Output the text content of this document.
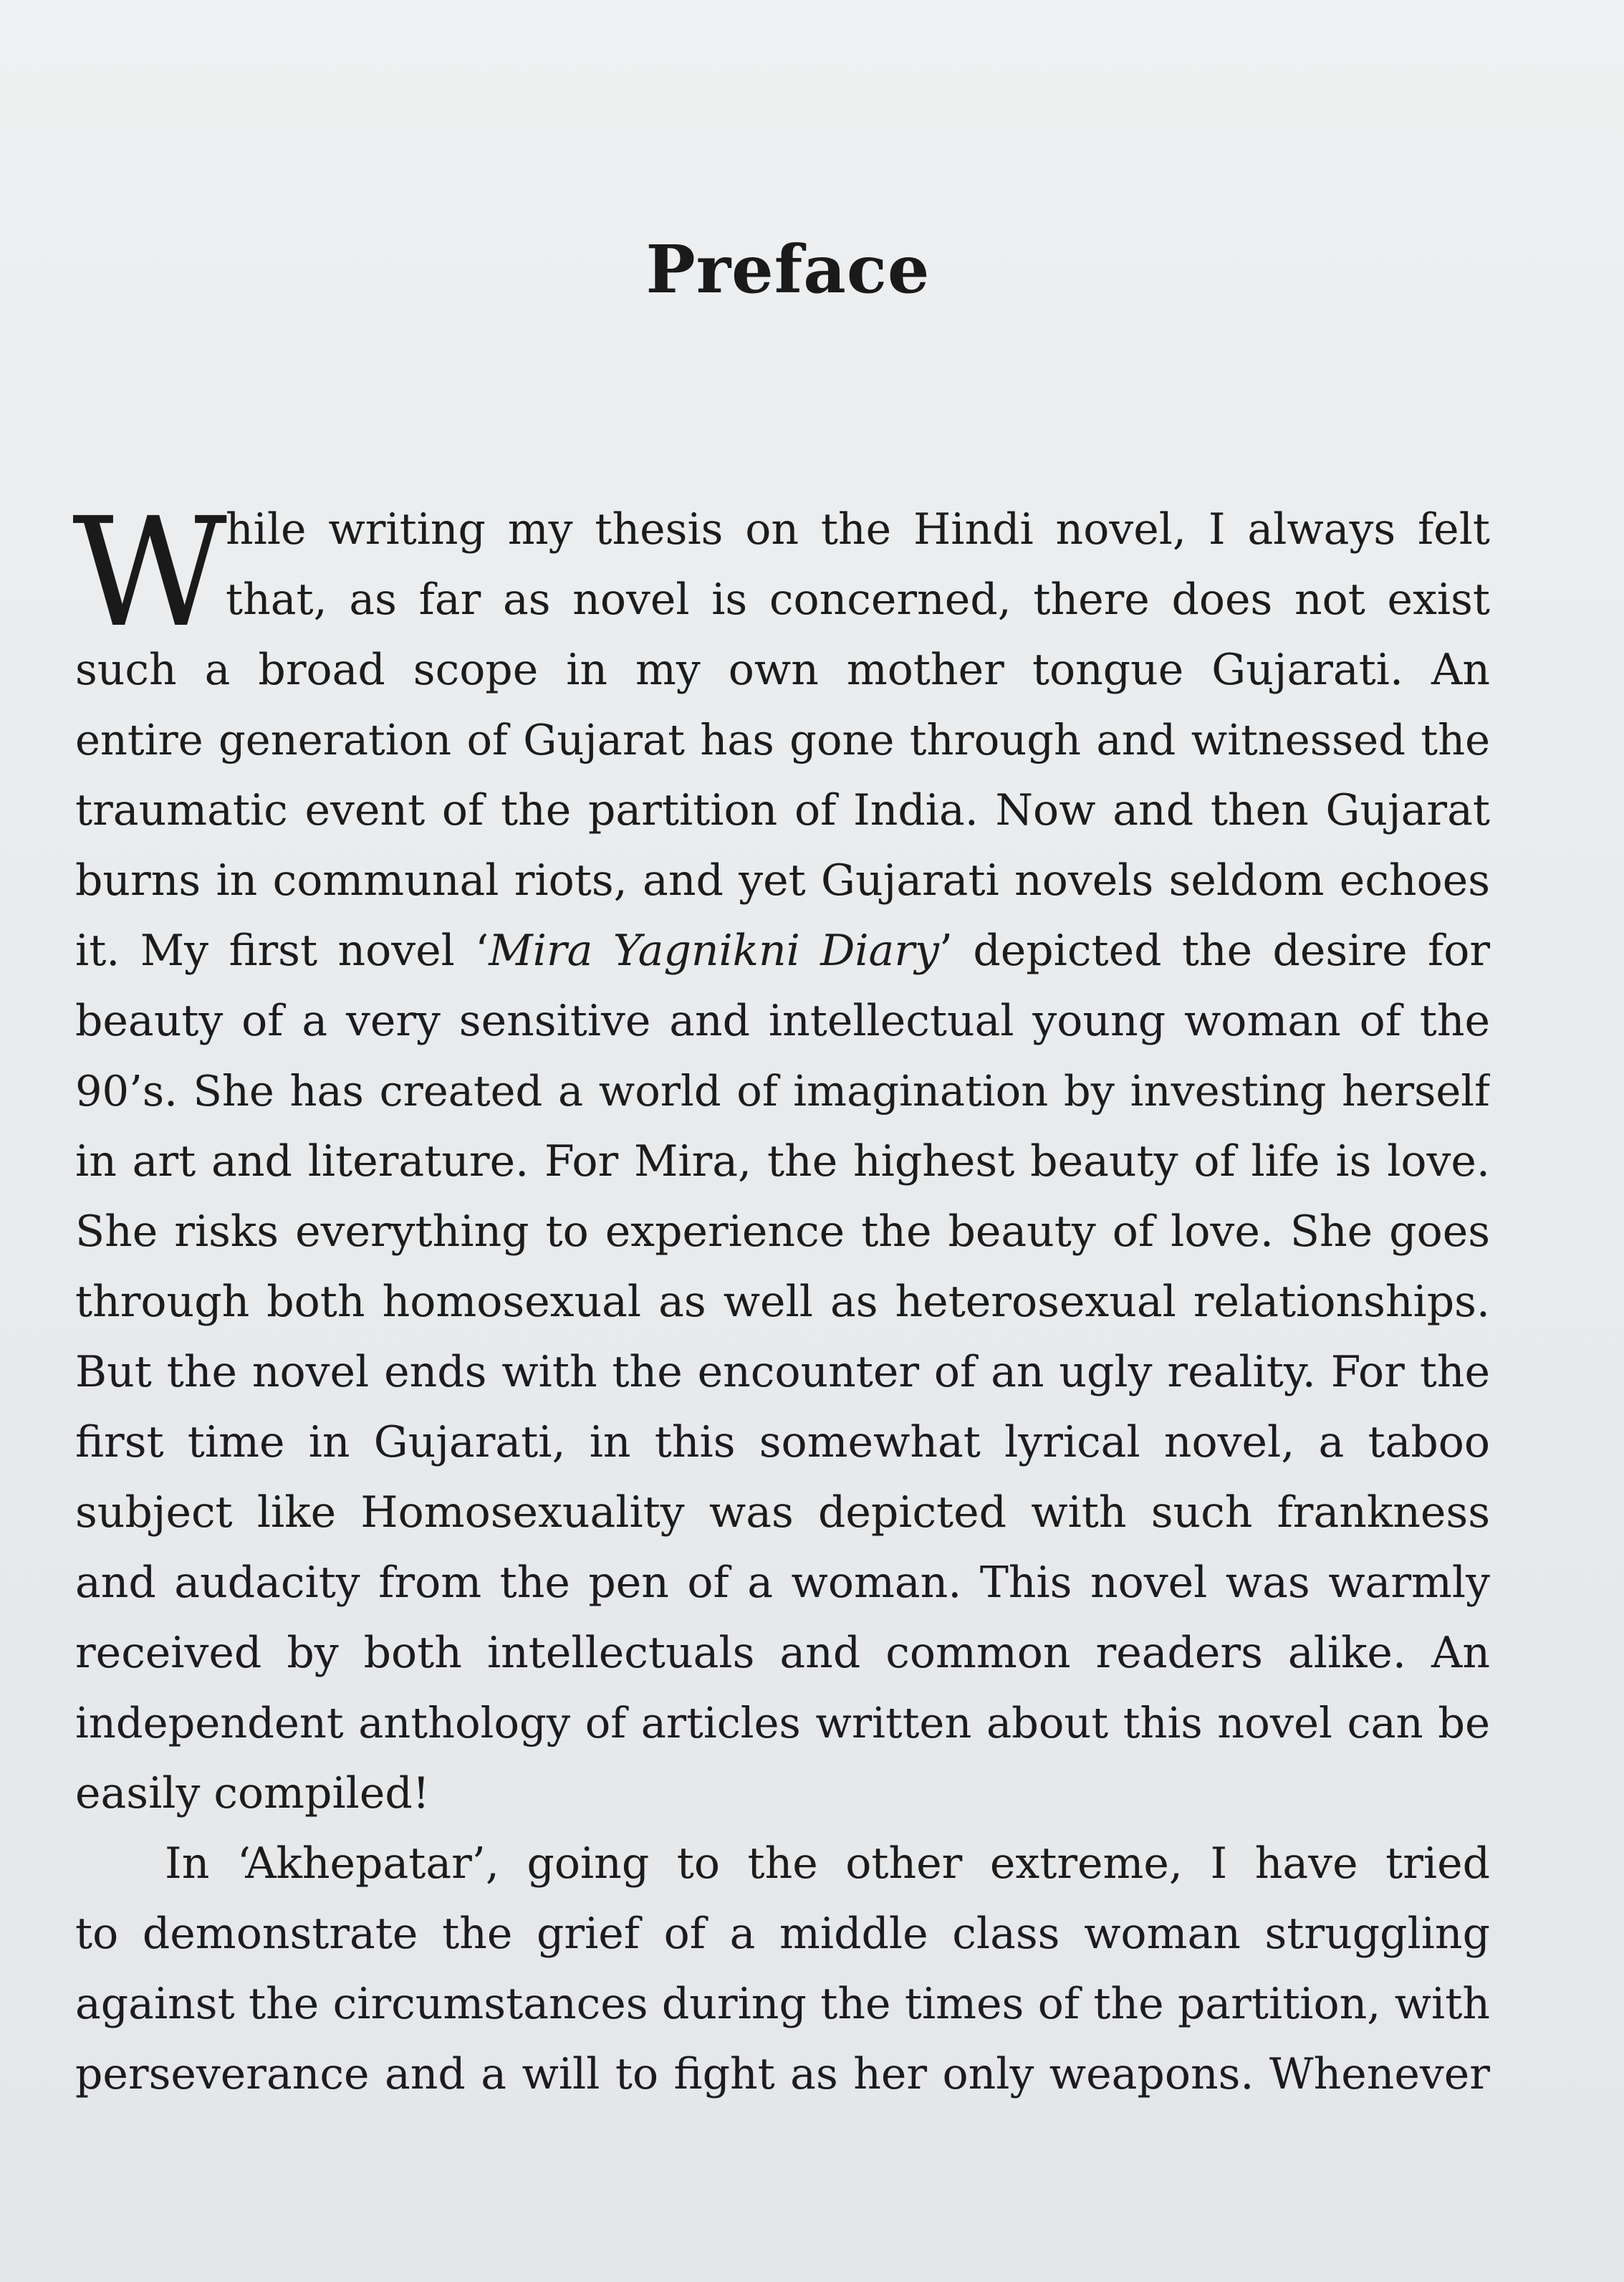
Preface
W
hile writing my thesis on the Hindi novel, I always felt
that, as far as novel is concerned, there does not exist
such a broad scope in my own mother tongue Gujarati. An
entire generation of Gujarat has gone through and witnessed the
traumatic event of the partition of India. Now and then Gujarat
burns in communal riots, and yet Gujarati novels seldom echoes
it. My first novel ‘Mira Yagnikni Diary’ depicted the desire for
beauty of a very sensitive and intellectual young woman of the
90’s. She has created a world of imagination by investing herself
in art and literature. For Mira, the highest beauty of life is love.
She risks everything to experience the beauty of love. She goes
through both homosexual as well as heterosexual relationships.
But the novel ends with the encounter of an ugly reality. For the
first time in Gujarati, in this somewhat lyrical novel, a taboo
subject like Homosexuality was depicted with such frankness
and audacity from the pen of a woman. This novel was warmly
received by both intellectuals and common readers alike. An
independent anthology of articles written about this novel can be
easily compiled!
In ‘Akhepatar’, going to the other extreme, I have tried
to demonstrate the grief of a middle class woman struggling
against the circumstances during the times of the partition, with
perseverance and a will to fight as her only weapons. Whenever
